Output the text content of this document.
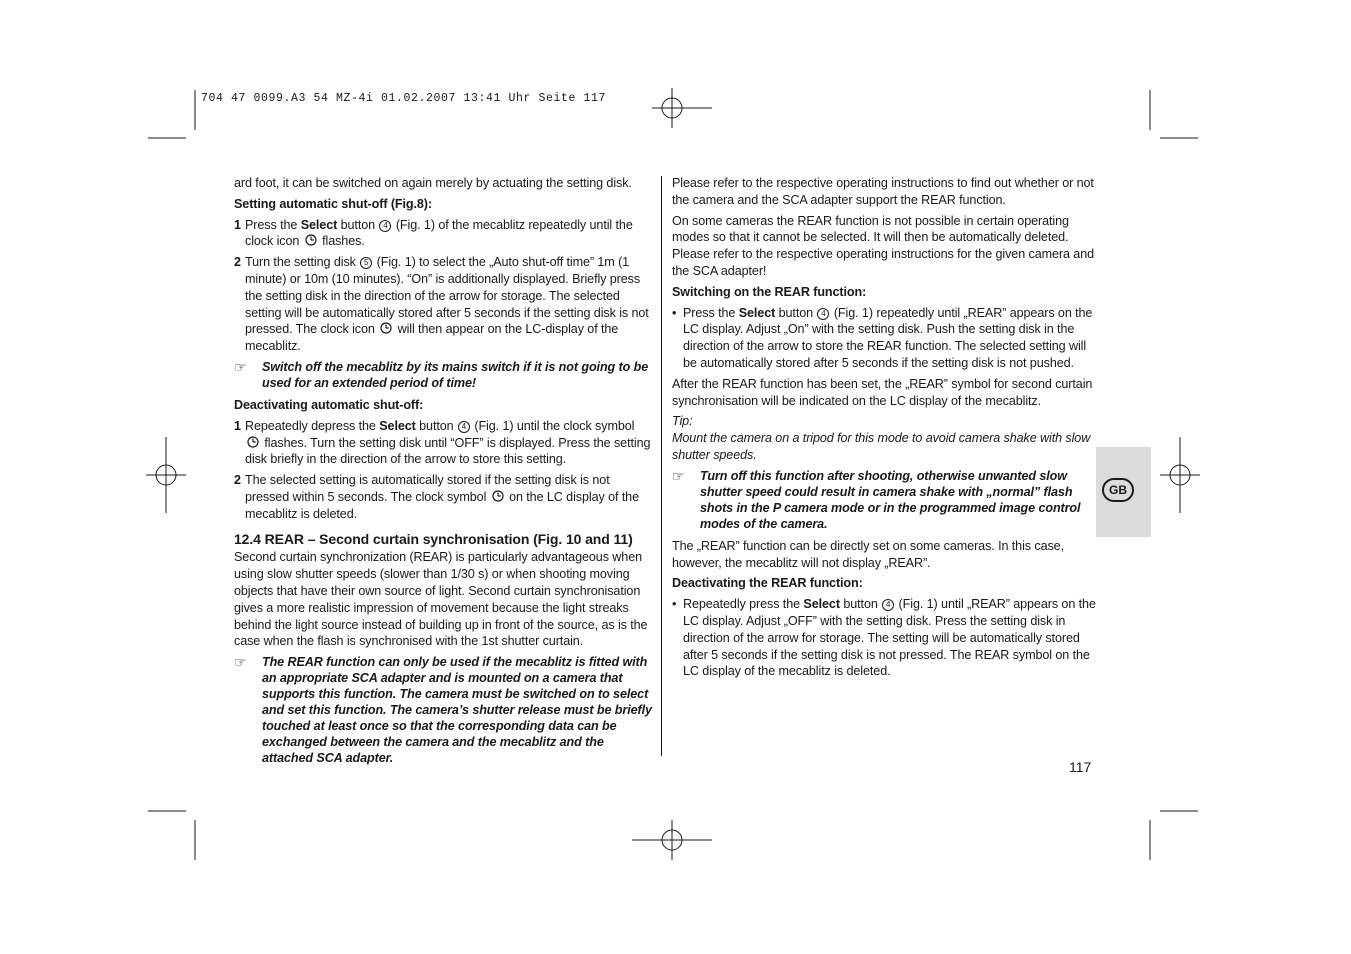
704 47 0099.A3 54 MZ-4i 01.02.2007 13:41 Uhr Seite 117
GB

ard foot, it can be switched on again merely by actuating the setting disk.

Setting automatic shut-off (Fig.8):
1 Press the Select button 4 (Fig. 1) of the mecablitz repeatedly until the clock icon  flashes.
2 Turn the setting disk 5 (Fig. 1) to select the „Auto shut-off time” 1m (1 minute) or 10m (10 minutes). “On” is additionally displayed. Briefly press the setting disk in the direction of the arrow for storage. The selected setting will be automatically stored after 5 seconds if the setting disk is not pressed. The clock icon  will then appear on the LC-display of the mecablitz.
☞	Switch off the mecablitz by its mains switch if it is not going to be used for an extended period of time!
Deactivating automatic shut-off:
1 Repeatedly depress the Select button 4 (Fig. 1) until the clock symbol  flashes. Turn the setting disk until “OFF” is displayed. Press the setting disk briefly in the direction of the arrow to store this setting.
2 The selected setting is automatically stored if the setting disk is not pressed within 5 seconds. The clock symbol  on the LC display of the mecablitz is deleted.
12.4 REAR – Second curtain synchronisation (Fig. 10 and 11)

Second curtain synchronization (REAR) is particularly advantageous when using slow shutter speeds (slower than 1/30 s) or when shooting moving objects that have their own source of light. Second curtain synchronisation gives a more realistic impression of movement because the light streaks behind the light source instead of building up in front of the source, as is the case when the flash is synchronised with the 1st shutter curtain.

☞	The REAR function can only be used if the mecablitz is fitted with an appropriate SCA adapter and is mounted on a camera that supports this function. The camera must be switched on to select and set this function. The camera’s shutter release must be briefly touched at least once so that the corresponding data can be exchanged between the camera and the mecablitz and the attached SCA adapter.

Please refer to the respective operating instructions to find out whether or not the camera and the SCA adapter support the REAR function.

On some cameras the REAR function is not possible in certain operating modes so that it cannot be selected. It will then be automatically deleted. Please refer to the respective operating instructions for the given camera and the SCA adapter!

Switching on the REAR function:
• Press the Select button 4 (Fig. 1) repeatedly until „REAR” appears on the LC display. Adjust „On” with the setting disk. Push the setting disk in the direction of the arrow to store the REAR function. The selected setting will be automatically stored after 5 seconds if the setting disk is not pushed.

After the REAR function has been set, the „REAR” symbol for second curtain synchronisation will be indicated on the LC display of the mecablitz.

Tip:

Mount the camera on a tripod for this mode to avoid camera shake with slow shutter speeds.

☞	Turn off this function after shooting, otherwise unwanted slow shutter speed could result in camera shake with „normal” flash shots in the P camera mode or in the programmed image control modes of the camera.

The „REAR” function can be directly set on some cameras. In this case, however, the mecablitz will not display „REAR”.

Deactivating the REAR function:
• Repeatedly press the Select button 4 (Fig. 1) until „REAR” appears on the LC display. Adjust „OFF” with the setting disk. Press the setting disk in direction of the arrow for storage. The setting will be automatically stored after 5 seconds if the setting disk is not pressed. The REAR symbol on the LC display of the mecablitz is deleted.
117
